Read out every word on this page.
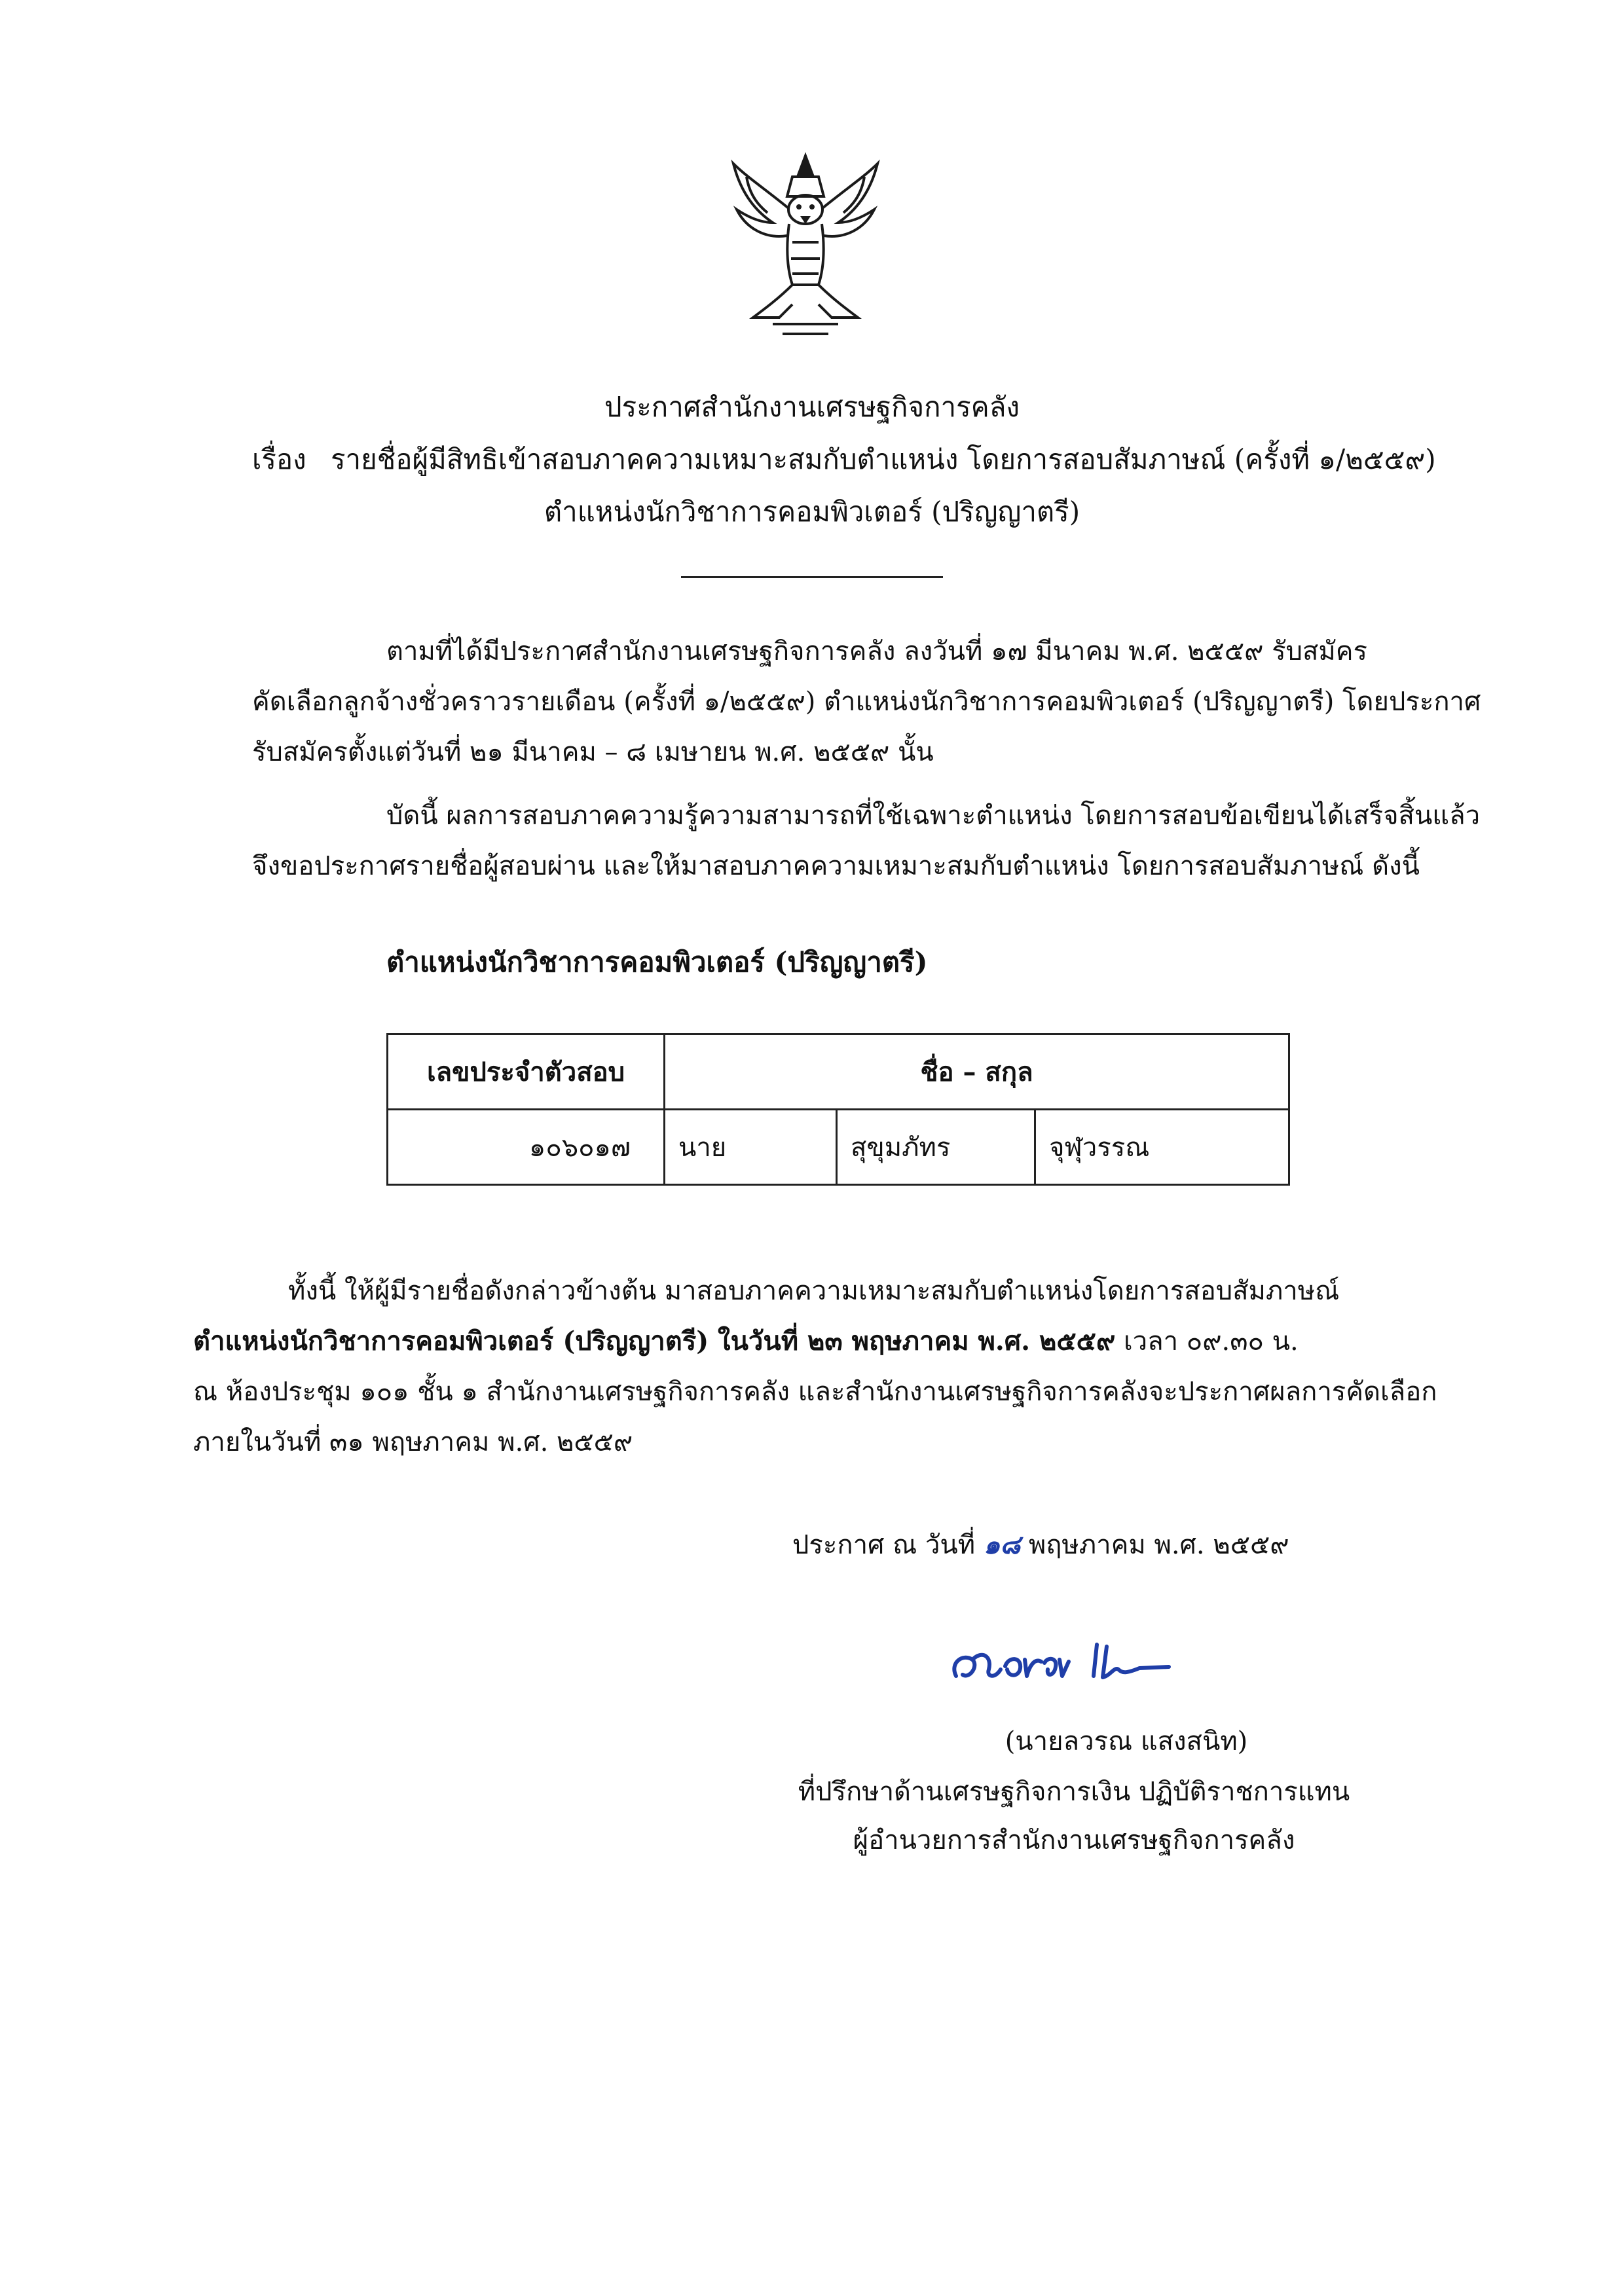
ประกาศสำนักงานเศรษฐกิจการคลัง
เรื่อง รายชื่อผู้มีสิทธิเข้าสอบภาคความเหมาะสมกับตำแหน่ง โดยการสอบสัมภาษณ์ (ครั้งที่ ๑/๒๕๕๙)
ตำแหน่งนักวิชาการคอมพิวเตอร์ (ปริญญาตรี)
ตามที่ได้มีประกาศสำนักงานเศรษฐกิจการคลัง ลงวันที่ ๑๗ มีนาคม พ.ศ. ๒๕๕๙ รับสมัคร
คัดเลือกลูกจ้างชั่วคราวรายเดือน (ครั้งที่ ๑/๒๕๕๙) ตำแหน่งนักวิชาการคอมพิวเตอร์ (ปริญญาตรี) โดยประกาศ
รับสมัครตั้งแต่วันที่ ๒๑ มีนาคม – ๘ เมษายน พ.ศ. ๒๕๕๙ นั้น
บัดนี้ ผลการสอบภาคความรู้ความสามารถที่ใช้เฉพาะตำแหน่ง โดยการสอบข้อเขียนได้เสร็จสิ้นแล้ว
จึงขอประกาศรายชื่อผู้สอบผ่าน และให้มาสอบภาคความเหมาะสมกับตำแหน่ง โดยการสอบสัมภาษณ์ ดังนี้
ตำแหน่งนักวิชาการคอมพิวเตอร์ (ปริญญาตรี)
เลขประจำตัวสอบ	ชื่อ – สกุล		
๑๐๖๐๑๗	นาย	สุขุมภัทร	จุฬุวรรณ
ทั้งนี้ ให้ผู้มีรายชื่อดังกล่าวข้างต้น มาสอบภาคความเหมาะสมกับตำแหน่งโดยการสอบสัมภาษณ์
ตำแหน่งนักวิชาการคอมพิวเตอร์ (ปริญญาตรี) ในวันที่ ๒๓ พฤษภาคม พ.ศ. ๒๕๕๙ เวลา ๐๙.๓๐ น.
ณ ห้องประชุม ๑๐๑ ชั้น ๑ สำนักงานเศรษฐกิจการคลัง และสำนักงานเศรษฐกิจการคลังจะประกาศผลการคัดเลือก
ภายในวันที่ ๓๑ พฤษภาคม พ.ศ. ๒๕๕๙
ประกาศ ณ วันที่ ๑๘ พฤษภาคม พ.ศ. ๒๕๕๙
(นายลวรณ แสงสนิท)
ที่ปรึกษาด้านเศรษฐกิจการเงิน ปฏิบัติราชการแทน
ผู้อำนวยการสำนักงานเศรษฐกิจการคลัง
